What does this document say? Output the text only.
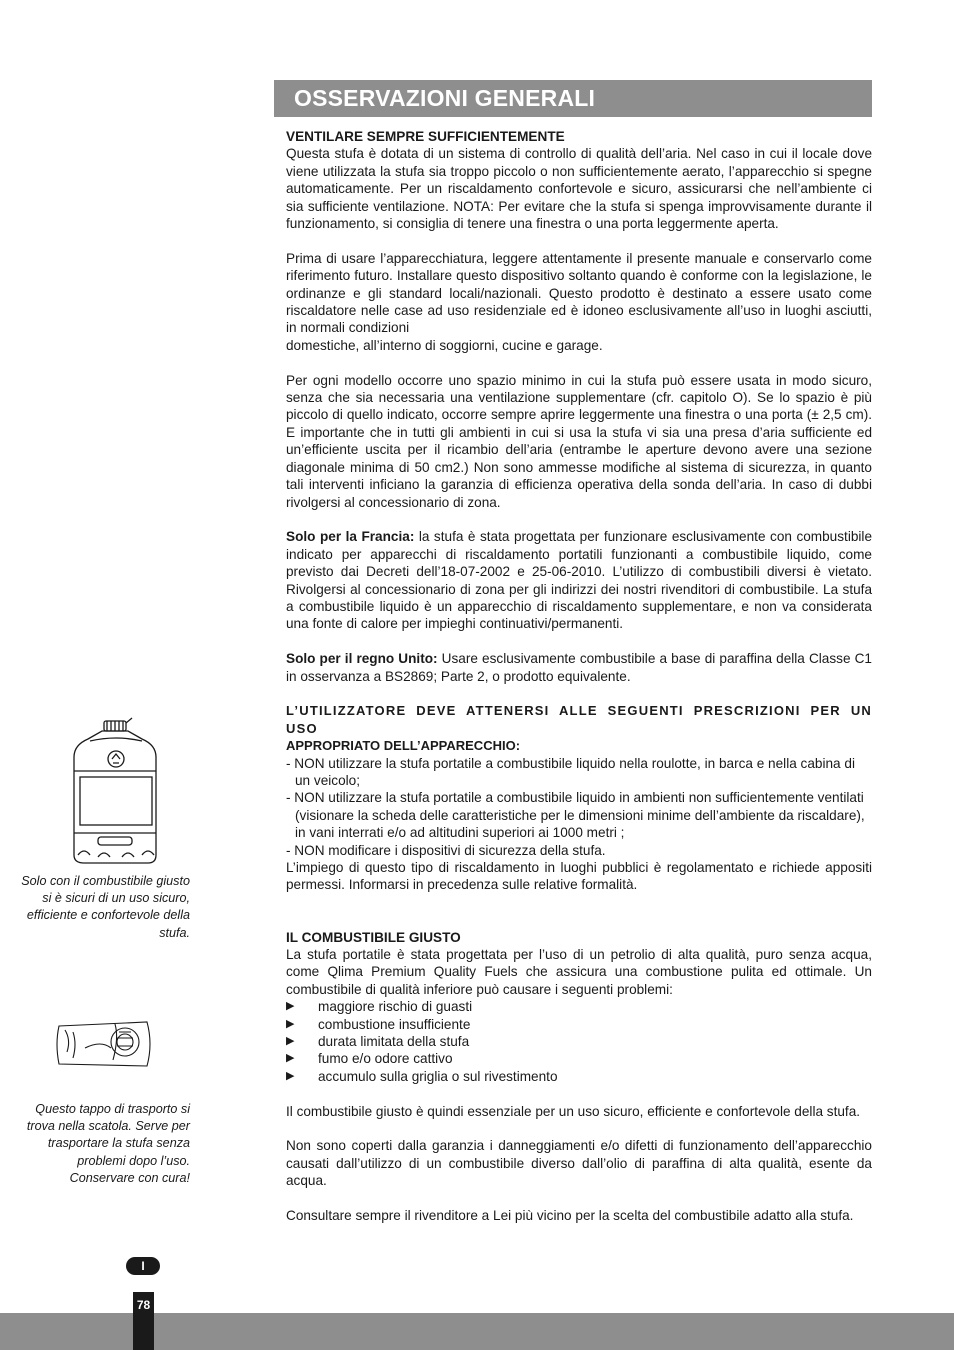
OSSERVAZIONI GENERALI

VENTILARE SEMPRE SUFFICIENTEMENTE
Questa stufa è dotata di un sistema di controllo di qualità dell’aria. Nel caso in cui il locale dove viene utilizzata la stufa sia troppo piccolo o non sufficientemente aerato, l’apparecchio si spegne automaticamente. Per un riscaldamento confortevole e sicuro, assicurarsi che nell’ambiente ci sia sufficiente ventilazione. NOTA: Per evitare che la stufa si spenga improvvisamente durante il funzionamento, si consiglia di tenere una finestra o una porta leggermente aperta.

Prima di usare l’apparecchiatura, leggere attentamente il presente manuale e conservarlo come riferimento futuro. Installare questo dispositivo soltanto quando è conforme con la legislazione, le ordinanze e gli standard locali/nazionali. Questo prodotto è destinato a essere usato come riscaldatore nelle case ad uso residenziale ed è idoneo esclusivamente all’uso in luoghi asciutti, in normali condizioni
domestiche, all’interno di soggiorni, cucine e garage.

Per ogni modello occorre uno spazio minimo in cui la stufa può essere usata in modo sicuro, senza che sia necessaria una ventilazione supplementare (cfr. capitolo O). Se lo spazio è più piccolo di quello indicato, occorre sempre aprire leggermente una finestra o una porta (± 2,5 cm). E importante che in tutti gli ambienti in cui si usa la stufa vi sia una presa d’aria sufficiente ed un’efficiente uscita per il ricambio dell’aria (entrambe le aperture devono avere una sezione diagonale minima di 50 cm2.) Non sono ammesse modifiche al sistema di sicurezza, in quanto tali interventi inficiano la garanzia di efficienza operativa della sonda dell’aria. In caso di dubbi rivolgersi al concessionario di zona.

Solo per la Francia: la stufa è stata progettata per funzionare esclusivamente con combustibile indicato per apparecchi di riscaldamento portatili funzionanti a combustibile liquido, come previsto dai Decreti dell’18-07-2002 e 25-06-2010. L’utilizzo di combustibili diversi è vietato. Rivolgersi al concessionario di zona per gli indirizzi dei nostri rivenditori di combustibile. La stufa a combustibile liquido è un apparecchio di riscaldamento supplementare, e non va considerata una fonte di calore per impieghi continuativi/permanenti.

Solo per il regno Unito: Usare esclusivamente combustibile a base di paraffina della Classe C1 in osservanza a BS2869; Parte 2, o prodotto equivalente.

L’UTILIZZATORE DEVE ATTENERSI ALLE SEGUENTI PRESCRIZIONI PER UN USO
APPROPRIATO DELL’APPARECCHIO:
- NON utilizzare la stufa portatile a combustibile liquido nella roulotte, in barca e nella cabina di un veicolo;
- NON utilizzare la stufa portatile a combustibile liquido in ambienti non sufficientemente ventilati (visionare la scheda delle caratteristiche per le dimensioni minime dell’ambiente da riscaldare), in vani interrati e/o ad altitudini superiori ai 1000 metri ;
- NON modificare i dispositivi di sicurezza della stufa.

L’impiego di questo tipo di riscaldamento in luoghi pubblici è regolamentato e richiede appositi permessi. Informarsi in precedenza sulle relative formalità.

IL COMBUSTIBILE GIUSTO
La stufa portatile è stata progettata per l’uso di un petrolio di alta qualità, puro senza acqua, come Qlima Premium Quality Fuels che assicura una combustione pulita ed ottimale. Un combustibile di qualità inferiore può causare i seguenti problemi:

▶	maggiore rischio di guasti
▶	combustione insufficiente
▶	durata limitata della stufa
▶	fumo e/o odore cattivo
▶	accumulo sulla griglia o sul rivestimento

Il combustibile giusto è quindi essenziale per un uso sicuro, efficiente e confortevole della stufa.

Non sono coperti dalla garanzia i danneggiamenti e/o difetti di funzionamento dell’apparecchio causati dall’utilizzo di un combustibile diverso dall’olio di paraffina di alta qualità, esente da acqua.

Consultare sempre il rivenditore a Lei più vicino per la scelta del combustibile adatto alla stufa.

Solo con il combustibile giusto si è sicuri di un uso sicuro, efficiente e confortevole della stufa.
Questo tappo di trasporto si trova nella scatola. Serve per trasportare la stufa senza problemi dopo l’uso. Conservare con cura!
I
78
